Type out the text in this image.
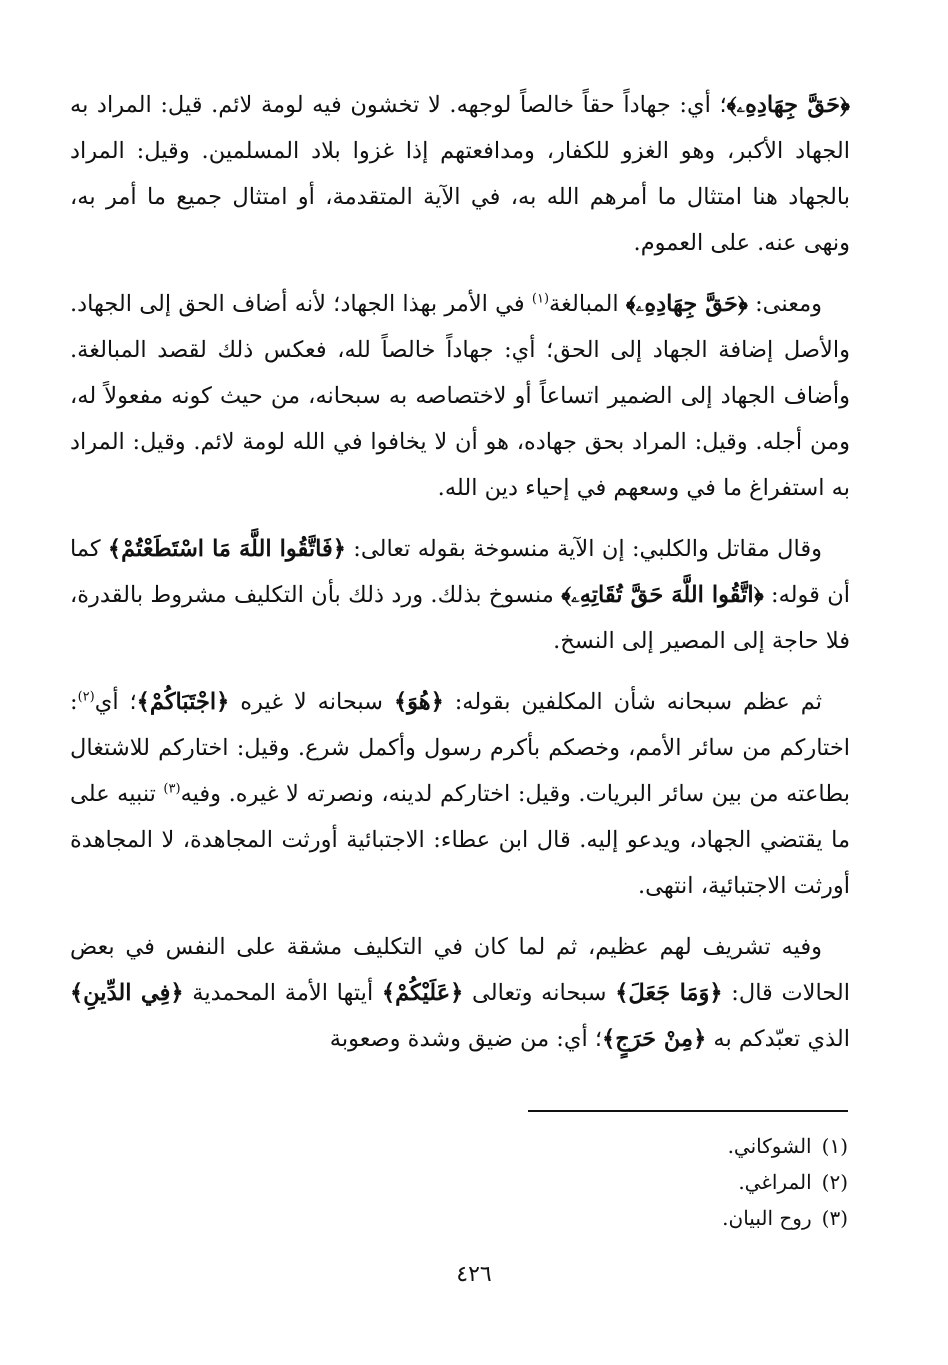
﴿حَقَّ جِهَادِهِۦ﴾؛ أي: جهاداً حقاً خالصاً لوجهه. لا تخشون فيه لومة لائم. قيل: المراد به الجهاد الأكبر، وهو الغزو للكفار، ومدافعتهم إذا غزوا بلاد المسلمين. وقيل: المراد بالجهاد هنا امتثال ما أمرهم الله به، في الآية المتقدمة، أو امتثال جميع ما أمر به، ونهى عنه. على العموم.

ومعنى: ﴿حَقَّ جِهَادِهِۦ﴾ المبالغة$^{(١)}$ في الأمر بهذا الجهاد؛ لأنه أضاف الحق إلى الجهاد. والأصل إضافة الجهاد إلى الحق؛ أي: جهاداً خالصاً لله، فعكس ذلك لقصد المبالغة. وأضاف الجهاد إلى الضمير اتساعاً أو لاختصاصه به سبحانه، من حيث كونه مفعولاً له، ومن أجله. وقيل: المراد بحق جهاده، هو أن لا يخافوا في الله لومة لائم. وقيل: المراد به استفراغ ما في وسعهم في إحياء دين الله.

وقال مقاتل والكلبي: إن الآية منسوخة بقوله تعالى: ﴿فَاتَّقُوا اللَّهَ مَا اسْتَطَعْتُمْ﴾ كما أن قوله: ﴿اتَّقُوا اللَّهَ حَقَّ تُقَاتِهِۦ﴾ منسوخ بذلك. ورد ذلك بأن التكليف مشروط بالقدرة، فلا حاجة إلى المصير إلى النسخ.

ثم عظم سبحانه شأن المكلفين بقوله: ﴿هُوَ﴾ سبحانه لا غيره ﴿اجْتَبَاكُمْ﴾؛ أي$^{(٢)}$: اختاركم من سائر الأمم، وخصكم بأكرم رسول وأكمل شرع. وقيل: اختاركم للاشتغال بطاعته من بين سائر البريات. وقيل: اختاركم لدينه، ونصرته لا غيره. وفيه$^{(٣)}$ تنبيه على ما يقتضي الجهاد، ويدعو إليه. قال ابن عطاء: الاجتبائية أورثت المجاهدة، لا المجاهدة أورثت الاجتبائية، انتهى.

وفيه تشريف لهم عظيم، ثم لما كان في التكليف مشقة على النفس في بعض الحالات قال: ﴿وَمَا جَعَلَ﴾ سبحانه وتعالى ﴿عَلَيْكُمْ﴾ أيتها الأمة المحمدية ﴿فِي الدِّينِ﴾ الذي تعبّدكم به ﴿مِنْ حَرَجٍ﴾؛ أي: من ضيق وشدة وصعوبة

(١)الشوكاني.
(٢)المراغي.
(٣)روح البيان.
٤٢٦
